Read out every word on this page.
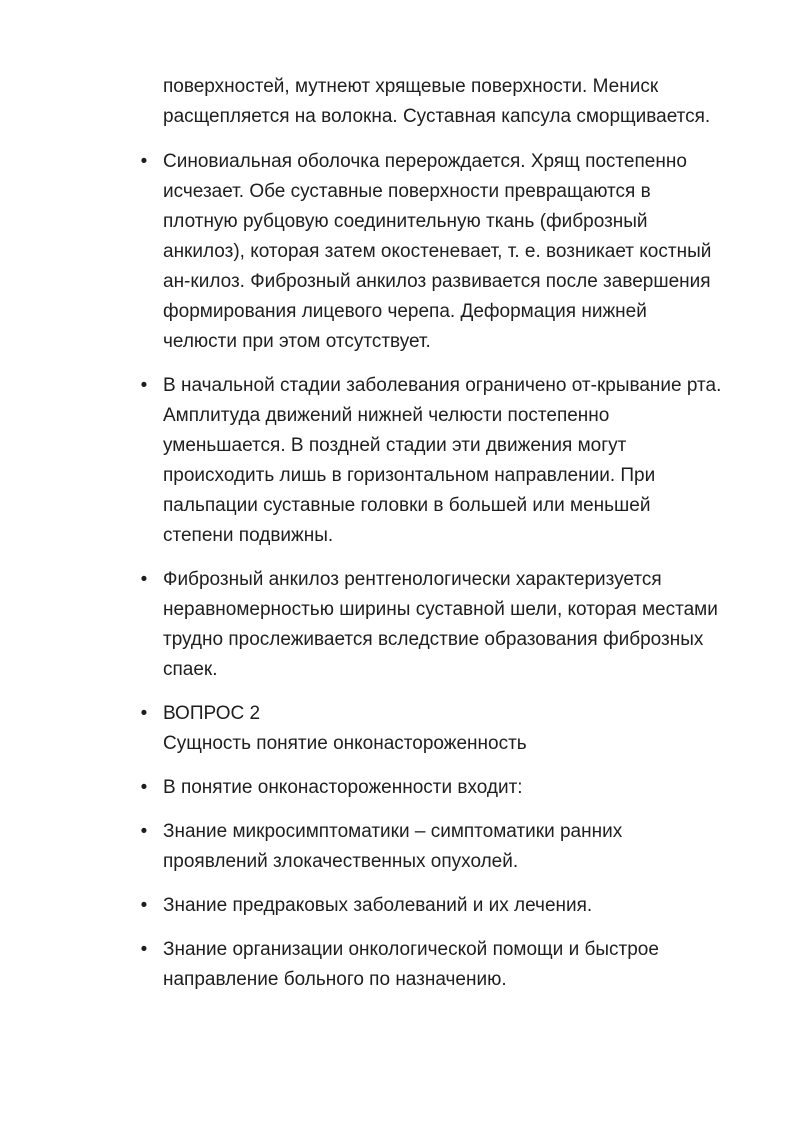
поверхностей, мутнеют хрящевые поверхности. Мениск
расщепляется на волокна. Суставная капсула сморщивается.

• Синовиальная оболочка перерождается. Хрящ постепенно
исчезает. Обе суставные поверхности превращаются в
плотную рубцовую соединительную ткань (фиброзный
анкилоз), которая затем окостеневает, т. е. возникает костный
ан-килоз. Фиброзный анкилоз развивается после завершения
формирования лицевого черепа. Деформация нижней
челюсти при этом отсутствует.
• В начальной стадии заболевания ограничено от-крывание рта.
Амплитуда движений нижней челюсти постепенно
уменьшается. В поздней стадии эти движения могут
происходить лишь в горизонтальном направлении. При
пальпации суставные головки в большей или меньшей
степени подвижны.
• Фиброзный анкилоз рентгенологически характеризуется
неравномерностью ширины суставной шели, которая местами
трудно прослеживается вследствие образования фиброзных
спаек.
• ВОПРОС 2
Сущность понятие онконастороженность
• В понятие онконастороженности входит:
• Знание микросимптоматики – симптоматики ранних
проявлений злокачественных опухолей.
• Знание предраковых заболеваний и их лечения.
• Знание организации онкологической помощи и быстрое
направление больного по назначению.
